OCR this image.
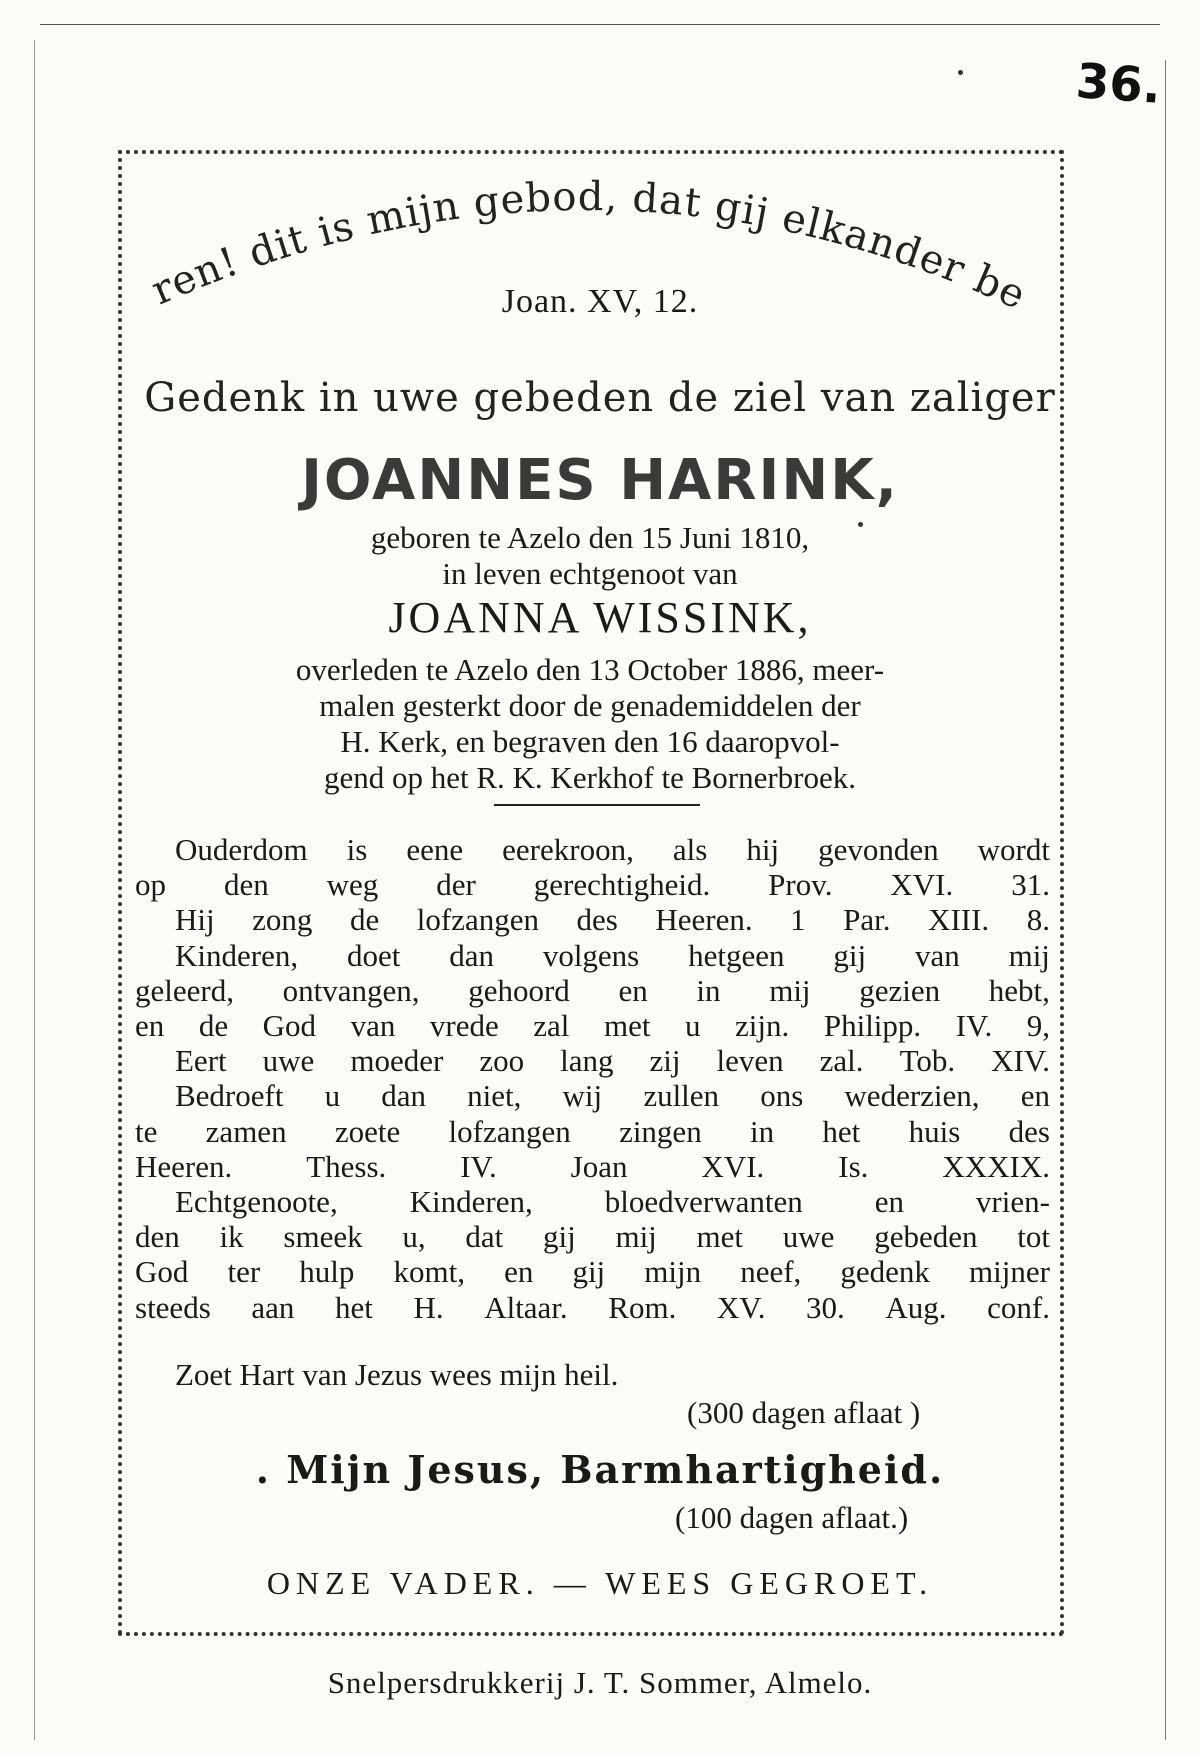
36.
ren! dit is mijn gebod, dat gij elkander be
Joan. XV, 12.
Gedenk in uwe gebeden de ziel van zaliger
JOANNES HARINK,
geboren te Azelo den 15 Juni 1810,
in leven echtgenoot van
JOANNA WISSINK,
overleden te Azelo den 13 October 1886, meer-
malen gesterkt door de genademiddelen der
H. Kerk, en begraven den 16 daaropvol-
gend op het R. K. Kerkhof te Bornerbroek.
Ouderdom is eene eerekroon, als hij gevonden wordt
op den weg der gerechtigheid. Prov. XVI. 31.
Hij zong de lofzangen des Heeren. 1 Par. XIII. 8.
Kinderen, doet dan volgens hetgeen gij van mij
geleerd, ontvangen, gehoord en in mij gezien hebt,
en de God van vrede zal met u zijn. Philipp. IV. 9,
Eert uwe moeder zoo lang zij leven zal. Tob. XIV.
Bedroeft u dan niet, wij zullen ons wederzien, en
te zamen zoete lofzangen zingen in het huis des
Heeren. Thess. IV. Joan XVI. Is. XXXIX.
Echtgenoote, Kinderen, bloedverwanten en vrien-
den ik smeek u, dat gij mij met uwe gebeden tot
God ter hulp komt, en gij mijn neef, gedenk mijner
steeds aan het H. Altaar. Rom. XV. 30. Aug. conf.
Zoet Hart van Jezus wees mijn heil.
(300 dagen aflaat )
. Mijn Jesus, Barmhartigheid.
(100 dagen aflaat.)
ONZE VADER. — WEES GEGROET.
Snelpersdrukkerij J. T. Sommer, Almelo.
